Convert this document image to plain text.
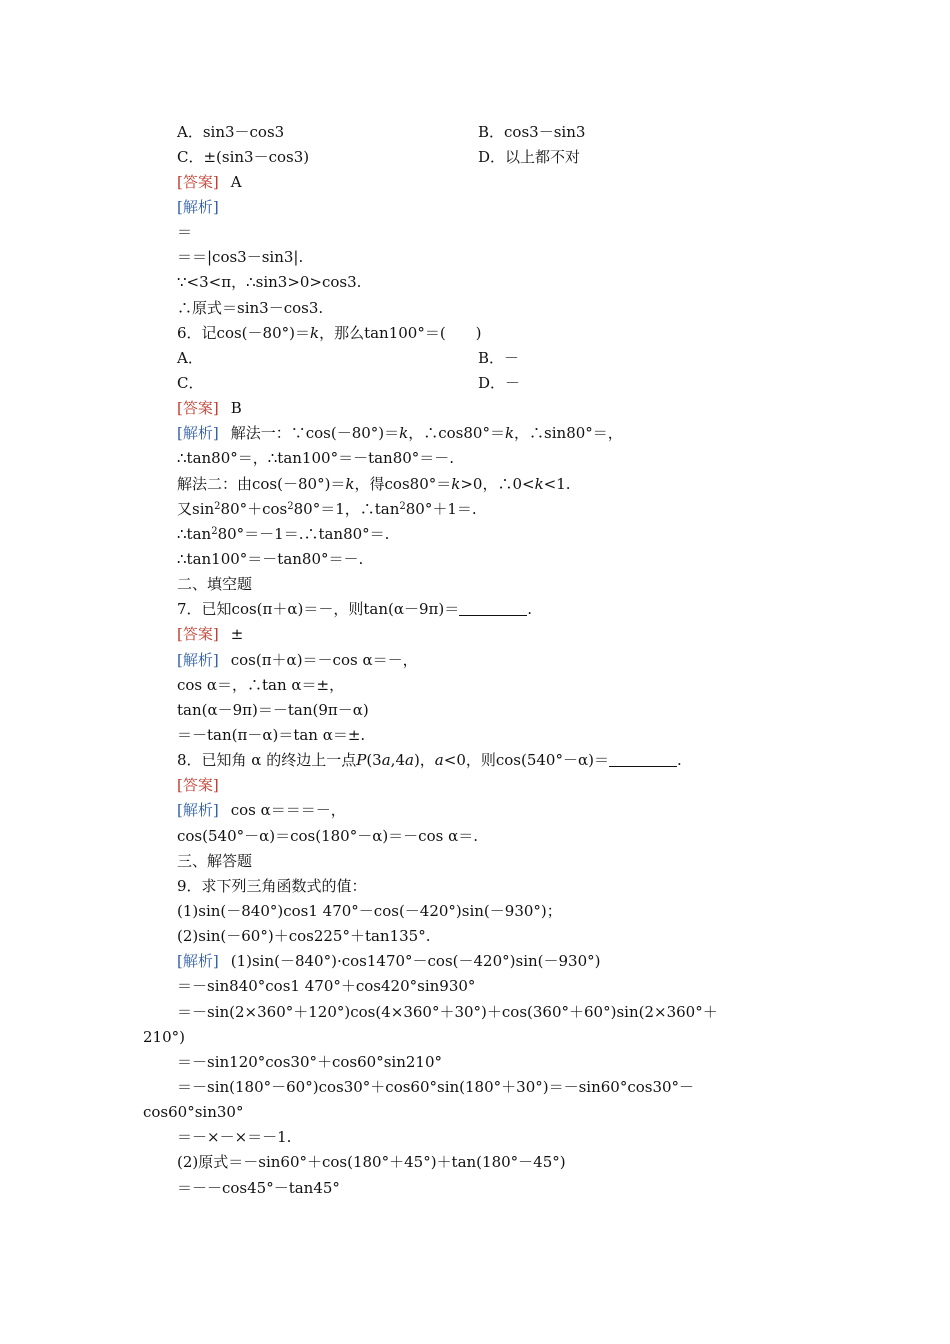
A．sin3－cos3	B．cos3－sin3
C．±(sin3－cos3)	D．以上都不对
[答案] A
[解析]
＝
＝＝|cos3－sin3|.
∵<3<π，∴sin3>0>cos3.
∴原式＝sin3－cos3.
6．记cos(－80°)＝k，那么tan100°＝(　　)
A．	B．－
C．	D．－
[答案] B
[解析] 解法一：∵cos(－80°)＝k，∴cos80°＝k，∴sin80°＝，
∴tan80°＝，∴tan100°＝－tan80°＝－.
解法二：由cos(－80°)＝k，得cos80°＝k>0，∴0<k<1.
又$\sin^280^\circ+\cos^280^\circ=1$，$\therefore\tan^280^\circ+1=$.
$\therefore\tan^280^\circ=-1=.\therefore\tan 80^\circ=$.
∴tan100°＝－tan80°＝－.
二、填空题
7．已知cos(π＋α)＝－，则tan(α－9π)＝	.
[答案] ±
[解析] cos(π＋α)＝－cos α＝－，
cos α＝，∴tan α＝±，
tan(α－9π)＝－tan(9π－α)
＝－tan(π－α)＝tan α＝±.
8．已知角 α 的终边上一点P(3a,4a)，a<0，则cos(540°－α)＝	.
[答案]
[解析] cos α＝＝＝－，
cos(540°－α)＝cos(180°－α)＝－cos α＝.
三、解答题
9．求下列三角函数式的值：
(1)sin(－840°)cos1 470°－cos(－420°)sin(－930°)；
(2)sin(－60°)＋cos225°＋tan135°.
[解析] (1)sin(－840°)·cos1470°－cos(－420°)sin(－930°)
＝－sin840°cos1 470°＋cos420°sin930°
＝－sin(2×360°＋120°)cos(4×360°＋30°)＋cos(360°＋60°)sin(2×360°＋
210°)
＝－sin120°cos30°＋cos60°sin210°
＝－sin(180°－60°)cos30°＋cos60°sin(180°＋30°)＝－sin60°cos30°－
cos60°sin30°
＝－×－×＝－1.
(2)原式＝－sin60°＋cos(180°＋45°)＋tan(180°－45°)
＝－－cos45°－tan45°
